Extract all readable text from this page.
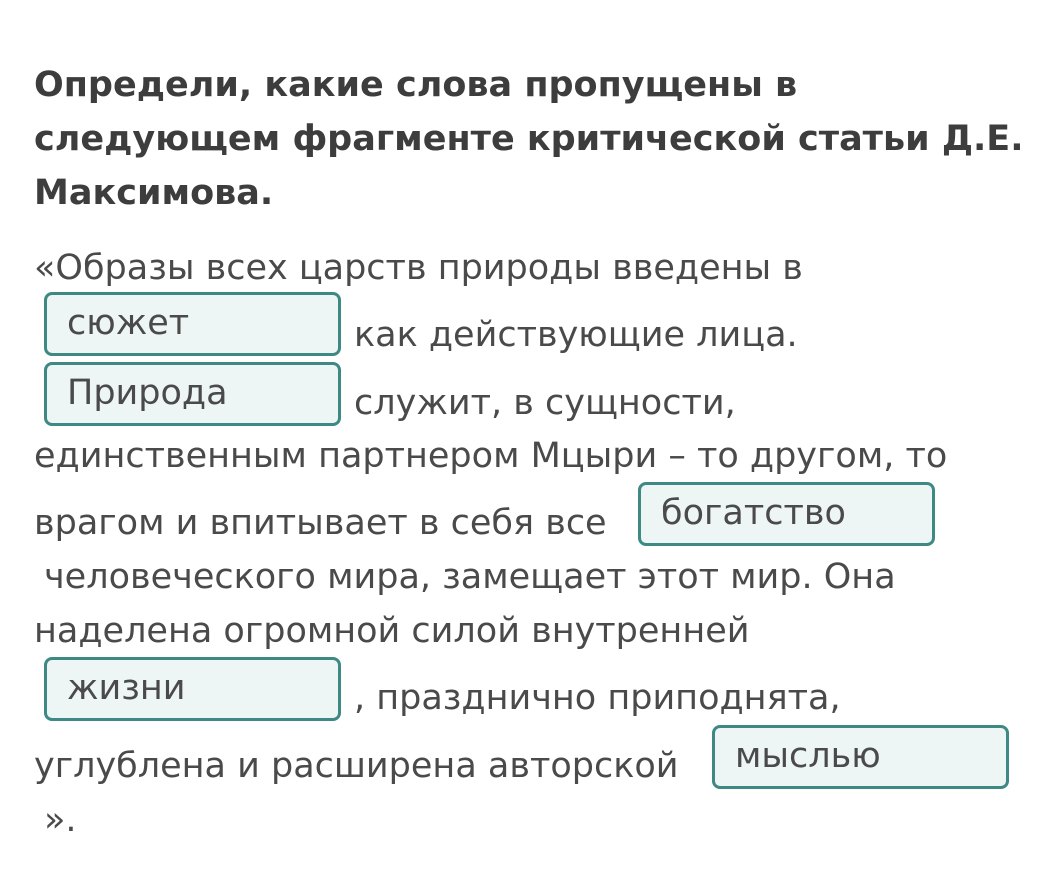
Определи, какие слова пропущены в следующем фрагменте критической статьи Д.Е. Максимова.
«Образы всех царств природы введены в
сюжет	как действующие лица.
Природа	служит, в сущности,
единственным партнером Мцыри – то другом, то
врагом и впитывает в себя все	богатство
человеческого мира, замещает этот мир. Она
наделена огромной силой внутренней
жизни	, празднично приподнята,
углублена и расширена авторской	мыслью
».
